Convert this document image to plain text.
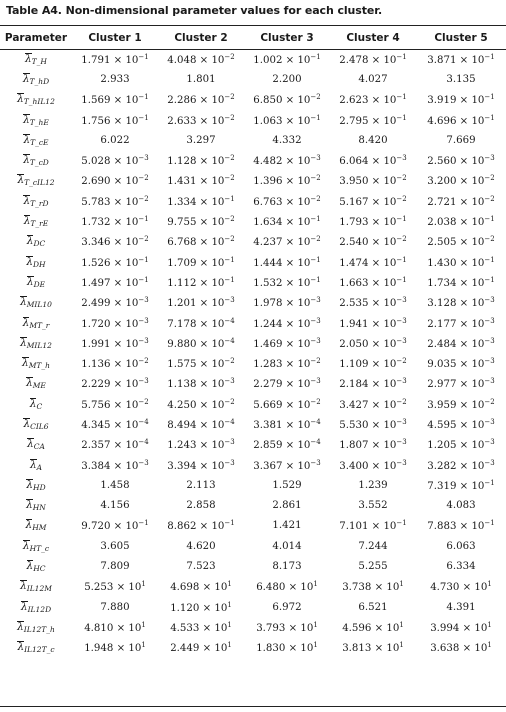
Table A4. Non-dimensional parameter values for each cluster.
Parameter	Cluster 1	Cluster 2	Cluster 3	Cluster 4	Cluster 5
$\lambda_{T\_H}$	$1.791 \times 10^{-1}$	$4.048 \times 10^{-2}$	$1.002 \times 10^{-1}$	$2.478 \times 10^{-1}$	$3.871 \times 10^{-1}$
$\lambda_{T\_hD}$	2.933	1.801	2.200	4.027	3.135
$\lambda_{T\_hIL12}$	$1.569 \times 10^{-1}$	$2.286 \times 10^{-2}$	$6.850 \times 10^{-2}$	$2.623 \times 10^{-1}$	$3.919 \times 10^{-1}$
$\lambda_{T\_hE}$	$1.756 \times 10^{-1}$	$2.633 \times 10^{-2}$	$1.063 \times 10^{-1}$	$2.795 \times 10^{-1}$	$4.696 \times 10^{-1}$
$\lambda_{T\_cE}$	6.022	3.297	4.332	8.420	7.669
$\lambda_{T\_cD}$	$5.028 \times 10^{-3}$	$1.128 \times 10^{-2}$	$4.482 \times 10^{-3}$	$6.064 \times 10^{-3}$	$2.560 \times 10^{-3}$
$\lambda_{T\_cIL12}$	$2.690 \times 10^{-2}$	$1.431 \times 10^{-2}$	$1.396 \times 10^{-2}$	$3.950 \times 10^{-2}$	$3.200 \times 10^{-2}$
$\lambda_{T\_rD}$	$5.783 \times 10^{-2}$	$1.334 \times 10^{-1}$	$6.763 \times 10^{-2}$	$5.167 \times 10^{-2}$	$2.721 \times 10^{-2}$
$\lambda_{T\_rE}$	$1.732 \times 10^{-1}$	$9.755 \times 10^{-2}$	$1.634 \times 10^{-1}$	$1.793 \times 10^{-1}$	$2.038 \times 10^{-1}$
$\lambda_{DC}$	$3.346 \times 10^{-2}$	$6.768 \times 10^{-2}$	$4.237 \times 10^{-2}$	$2.540 \times 10^{-2}$	$2.505 \times 10^{-2}$
$\lambda_{DH}$	$1.526 \times 10^{-1}$	$1.709 \times 10^{-1}$	$1.444 \times 10^{-1}$	$1.474 \times 10^{-1}$	$1.430 \times 10^{-1}$
$\lambda_{DE}$	$1.497 \times 10^{-1}$	$1.112 \times 10^{-1}$	$1.532 \times 10^{-1}$	$1.663 \times 10^{-1}$	$1.734 \times 10^{-1}$
$\lambda_{MIL10}$	$2.499 \times 10^{-3}$	$1.201 \times 10^{-3}$	$1.978 \times 10^{-3}$	$2.535 \times 10^{-3}$	$3.128 \times 10^{-3}$
$\lambda_{MT\_r}$	$1.720 \times 10^{-3}$	$7.178 \times 10^{-4}$	$1.244 \times 10^{-3}$	$1.941 \times 10^{-3}$	$2.177 \times 10^{-3}$
$\lambda_{MIL12}$	$1.991 \times 10^{-3}$	$9.880 \times 10^{-4}$	$1.469 \times 10^{-3}$	$2.050 \times 10^{-3}$	$2.484 \times 10^{-3}$
$\lambda_{MT\_h}$	$1.136 \times 10^{-2}$	$1.575 \times 10^{-2}$	$1.283 \times 10^{-2}$	$1.109 \times 10^{-2}$	$9.035 \times 10^{-3}$
$\lambda_{ME}$	$2.229 \times 10^{-3}$	$1.138 \times 10^{-3}$	$2.279 \times 10^{-3}$	$2.184 \times 10^{-3}$	$2.977 \times 10^{-3}$
$\lambda_C$	$5.756 \times 10^{-2}$	$4.250 \times 10^{-2}$	$5.669 \times 10^{-2}$	$3.427 \times 10^{-2}$	$3.959 \times 10^{-2}$
$\lambda_{CIL6}$	$4.345 \times 10^{-4}$	$8.494 \times 10^{-4}$	$3.381 \times 10^{-4}$	$5.530 \times 10^{-3}$	$4.595 \times 10^{-3}$
$\lambda_{CA}$	$2.357 \times 10^{-4}$	$1.243 \times 10^{-3}$	$2.859 \times 10^{-4}$	$1.807 \times 10^{-3}$	$1.205 \times 10^{-3}$
$\lambda_A$	$3.384 \times 10^{-3}$	$3.394 \times 10^{-3}$	$3.367 \times 10^{-3}$	$3.400 \times 10^{-3}$	$3.282 \times 10^{-3}$
$\lambda_{HD}$	1.458	2.113	1.529	1.239	$7.319 \times 10^{-1}$
$\lambda_{HN}$	4.156	2.858	2.861	3.552	4.083
$\lambda_{HM}$	$9.720 \times 10^{-1}$	$8.862 \times 10^{-1}$	1.421	$7.101 \times 10^{-1}$	$7.883 \times 10^{-1}$
$\lambda_{HT\_c}$	3.605	4.620	4.014	7.244	6.063
$\lambda_{HC}$	7.809	7.523	8.173	5.255	6.334
$\lambda_{IL12M}$	$5.253 \times 10^1$	$4.698 \times 10^1$	$6.480 \times 10^1$	$3.738 \times 10^1$	$4.730 \times 10^1$
$\lambda_{IL12D}$	7.880	$1.120 \times 10^1$	6.972	6.521	4.391
$\lambda_{IL12T\_h}$	$4.810 \times 10^1$	$4.533 \times 10^1$	$3.793 \times 10^1$	$4.596 \times 10^1$	$3.994 \times 10^1$
$\lambda_{IL12T\_c}$	$1.948 \times 10^1$	$2.449 \times 10^1$	$1.830 \times 10^1$	$3.813 \times 10^1$	$3.638 \times 10^1$
